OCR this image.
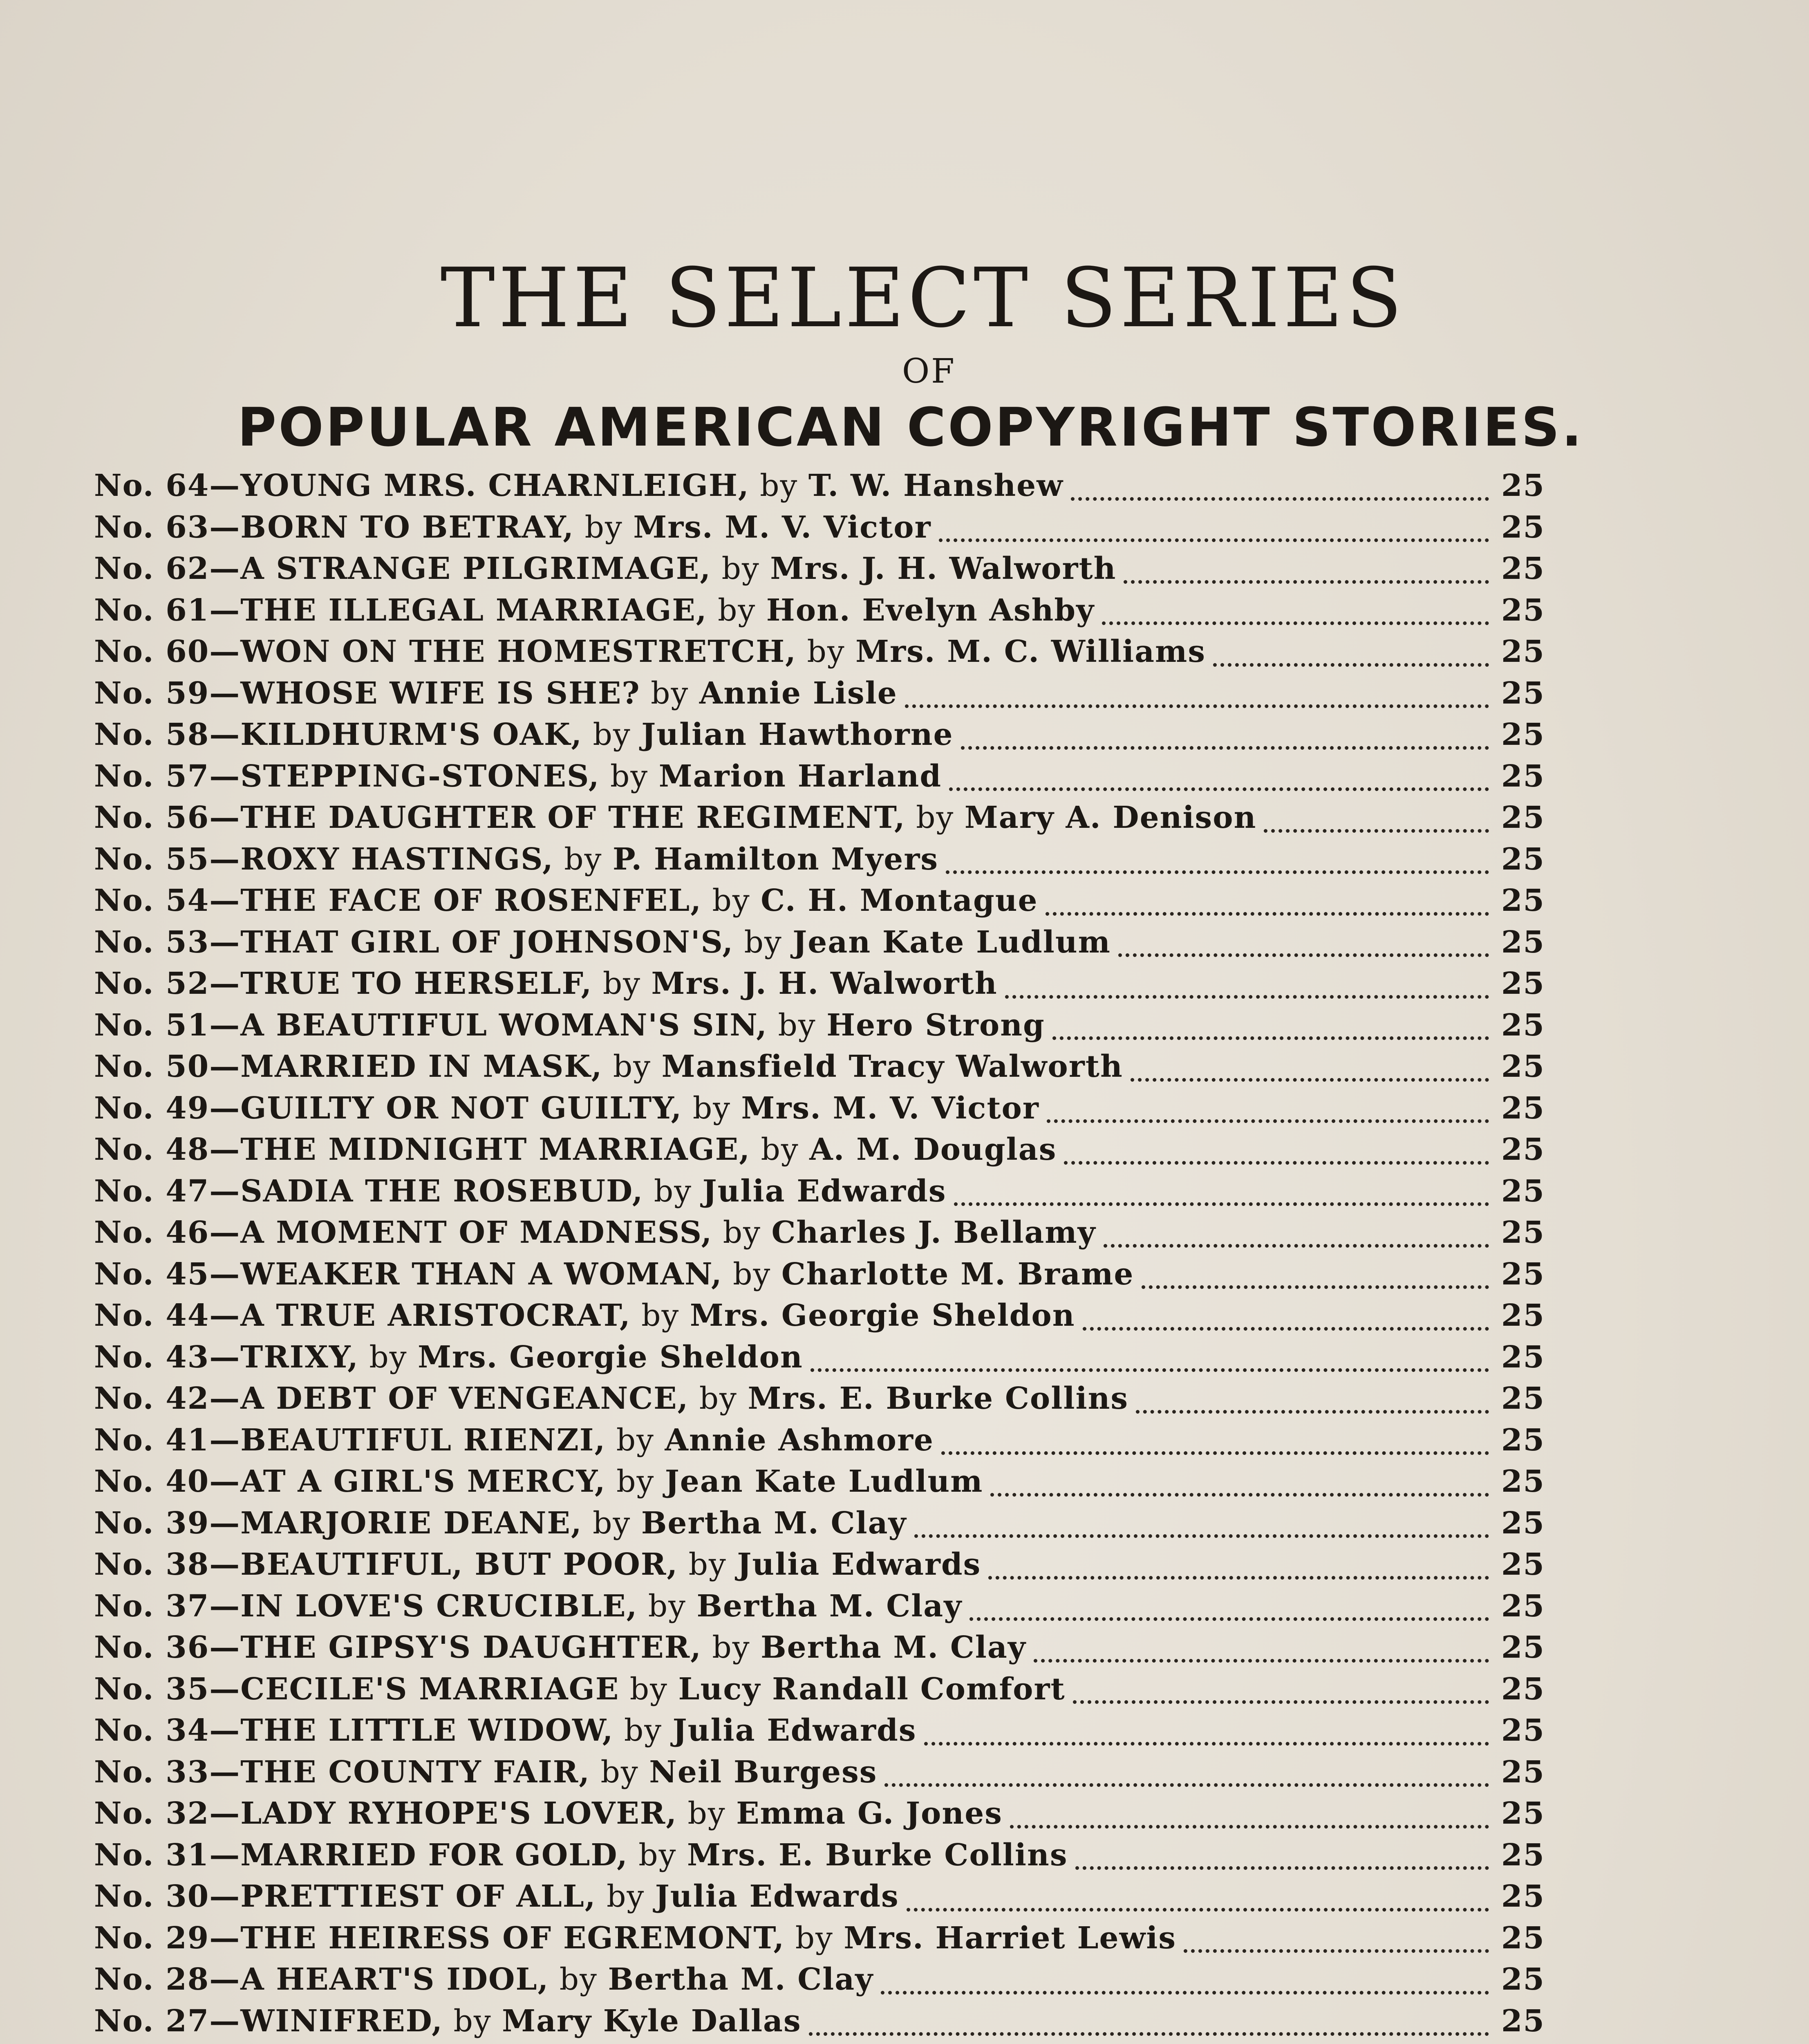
THE SELECT SERIES
OF
POPULAR AMERICAN COPYRIGHT STORIES.
No. 64 — YOUNG MRS. CHARNLEIGH, by T. W. Hanshew	25
No. 63 — BORN TO BETRAY, by Mrs. M. V. Victor	25
No. 62 — A STRANGE PILGRIMAGE, by Mrs. J. H. Walworth	25
No. 61 — THE ILLEGAL MARRIAGE, by Hon. Evelyn Ashby	25
No. 60 — WON ON THE HOMESTRETCH, by Mrs. M. C. Williams	25
No. 59 — WHOSE WIFE IS SHE? by Annie Lisle	25
No. 58 — KILDHURM'S OAK, by Julian Hawthorne	25
No. 57 — STEPPING-STONES, by Marion Harland	25
No. 56 — THE DAUGHTER OF THE REGIMENT, by Mary A. Denison	25
No. 55 — ROXY HASTINGS, by P. Hamilton Myers	25
No. 54 — THE FACE OF ROSENFEL, by C. H. Montague	25
No. 53 — THAT GIRL OF JOHNSON'S, by Jean Kate Ludlum	25
No. 52 — TRUE TO HERSELF, by Mrs. J. H. Walworth	25
No. 51 — A BEAUTIFUL WOMAN'S SIN, by Hero Strong	25
No. 50 — MARRIED IN MASK, by Mansfield Tracy Walworth	25
No. 49 — GUILTY OR NOT GUILTY, by Mrs. M. V. Victor	25
No. 48 — THE MIDNIGHT MARRIAGE, by A. M. Douglas	25
No. 47 — SADIA THE ROSEBUD, by Julia Edwards	25
No. 46 — A MOMENT OF MADNESS, by Charles J. Bellamy	25
No. 45 — WEAKER THAN A WOMAN, by Charlotte M. Brame	25
No. 44 — A TRUE ARISTOCRAT, by Mrs. Georgie Sheldon	25
No. 43 — TRIXY, by Mrs. Georgie Sheldon	25
No. 42 — A DEBT OF VENGEANCE, by Mrs. E. Burke Collins	25
No. 41 — BEAUTIFUL RIENZI, by Annie Ashmore	25
No. 40 — AT A GIRL'S MERCY, by Jean Kate Ludlum	25
No. 39 — MARJORIE DEANE, by Bertha M. Clay	25
No. 38 — BEAUTIFUL, BUT POOR, by Julia Edwards	25
No. 37 — IN LOVE'S CRUCIBLE, by Bertha M. Clay	25
No. 36 — THE GIPSY'S DAUGHTER, by Bertha M. Clay	25
No. 35 — CECILE'S MARRIAGE by Lucy Randall Comfort	25
No. 34 — THE LITTLE WIDOW, by Julia Edwards	25
No. 33 — THE COUNTY FAIR, by Neil Burgess	25
No. 32 — LADY RYHOPE'S LOVER, by Emma G. Jones	25
No. 31 — MARRIED FOR GOLD, by Mrs. E. Burke Collins	25
No. 30 — PRETTIEST OF ALL, by Julia Edwards	25
No. 29 — THE HEIRESS OF EGREMONT, by Mrs. Harriet Lewis	25
No. 28 — A HEART'S IDOL, by Bertha M. Clay	25
No. 27 — WINIFRED, by Mary Kyle Dallas	25
